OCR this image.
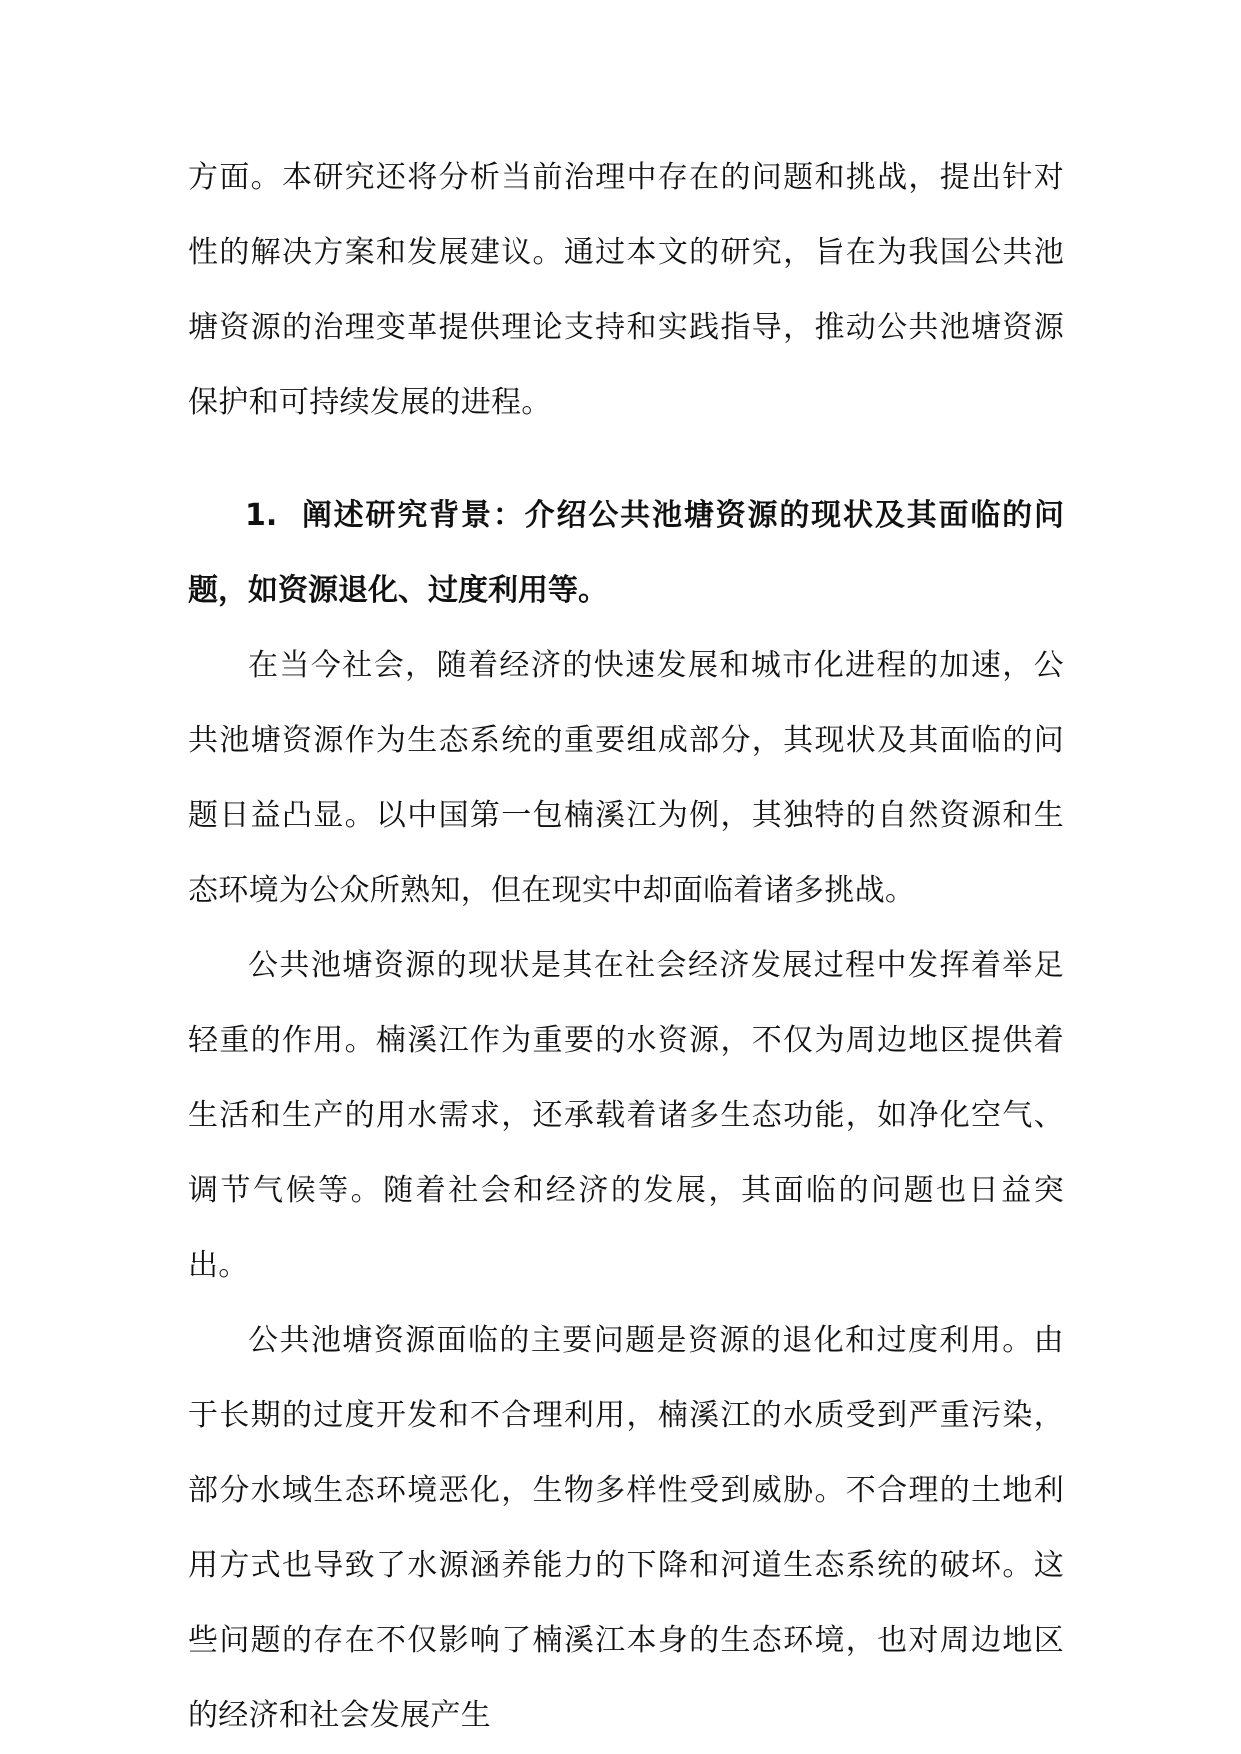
方面。本研究还将分析当前治理中存在的问题和挑战，提出针对性的解决方案和发展建议。通过本文的研究，旨在为我国公共池塘资源的治理变革提供理论支持和实践指导，推动公共池塘资源保护和可持续发展的进程。

1. 阐述研究背景：介绍公共池塘资源的现状及其面临的问题，如资源退化、过度利用等。

在当今社会，随着经济的快速发展和城市化进程的加速，公共池塘资源作为生态系统的重要组成部分，其现状及其面临的问题日益凸显。以中国第一包楠溪江为例，其独特的自然资源和生态环境为公众所熟知，但在现实中却面临着诸多挑战。

公共池塘资源的现状是其在社会经济发展过程中发挥着举足轻重的作用。楠溪江作为重要的水资源，不仅为周边地区提供着生活和生产的用水需求，还承载着诸多生态功能，如净化空气、调节气候等。随着社会和经济的发展，其面临的问题也日益突出。

公共池塘资源面临的主要问题是资源的退化和过度利用。由于长期的过度开发和不合理利用，楠溪江的水质受到严重污染，部分水域生态环境恶化，生物多样性受到威胁。不合理的土地利用方式也导致了水源涵养能力的下降和河道生态系统的破坏。这些问题的存在不仅影响了楠溪江本身的生态环境，也对周边地区的经济和社会发展产生
